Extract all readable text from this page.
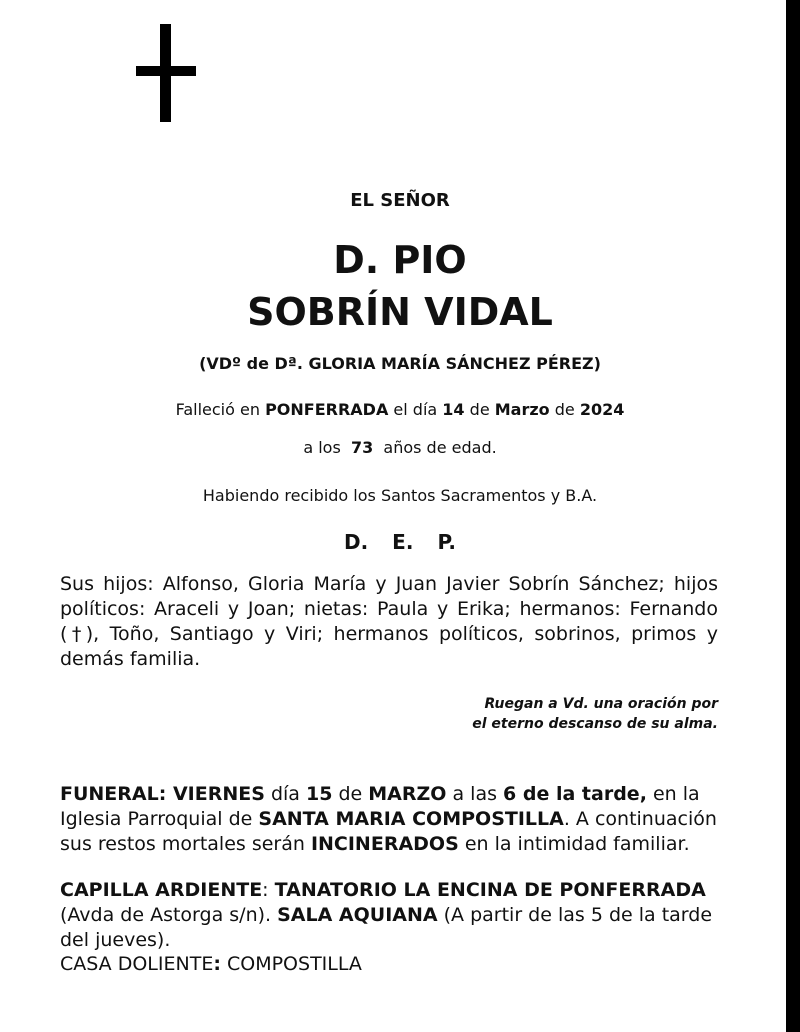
EL SEÑOR
D. PIO
SOBRÍN VIDAL
(VDº de Dª. GLORIA MARÍA SÁNCHEZ PÉREZ)
Falleció en PONFERRADA el día 14 de Marzo de 2024
a los 73 años de edad.
Habiendo recibido los Santos Sacramentos y B.A.
D. E. P.
Sus hijos: Alfonso, Gloria María y Juan Javier Sobrín Sánchez; hijos políticos: Araceli y Joan; nietas: Paula y Erika; hermanos: Fernando (†), Toño, Santiago y Viri; hermanos políticos, sobrinos, primos y demás familia.
Ruegan a Vd. una oración por
el eterno descanso de su alma.
FUNERAL: VIERNES día 15 de MARZO a las 6 de la tarde, en la Iglesia Parroquial de SANTA MARIA COMPOSTILLA. A continuación sus restos mortales serán INCINERADOS en la intimidad familiar.
CAPILLA ARDIENTE: TANATORIO LA ENCINA DE PONFERRADA (Avda de Astorga s/n). SALA AQUIANA (A partir de las 5 de la tarde del jueves).
CASA DOLIENTE: COMPOSTILLA
